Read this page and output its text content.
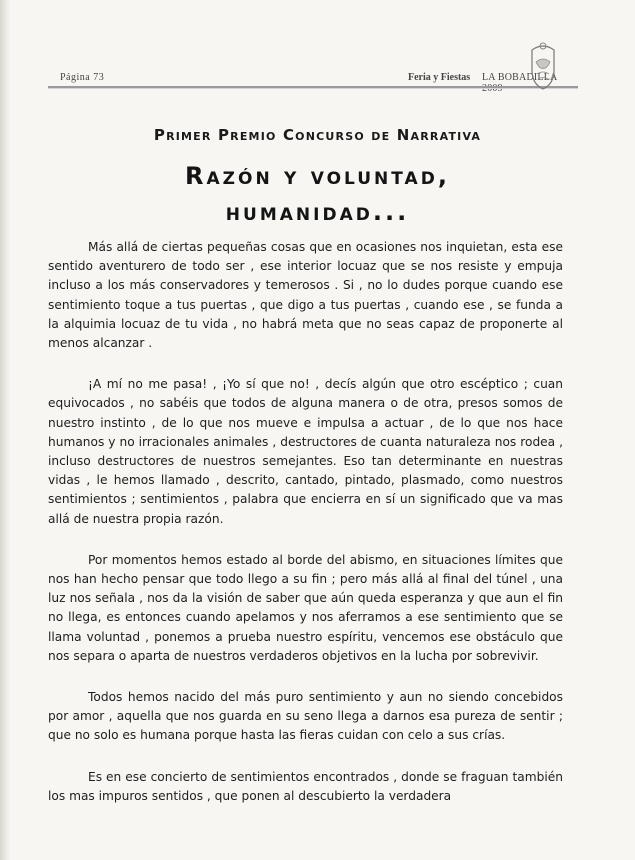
Página 73	Feria y Fiestas LA BOBADILLA
Primer Premio Concurso de Narrativa
Razón y voluntad,
humanidad...

Más allá de ciertas pequeñas cosas que en ocasiones nos inquietan, esta ese sentido aventurero de todo ser , ese interior locuaz que se nos resiste y empuja incluso a los más conservadores y temerosos . Si , no lo dudes porque cuando ese sentimiento toque a tus puertas , que digo a tus puertas , cuando ese , se funda a la alquimia locuaz de tu vida , no habrá meta que no seas capaz de proponerte al menos alcanzar .

¡A mí no me pasa! , ¡Yo sí que no! , decís algún que otro escéptico ; cuan equivocados , no sabéis que todos de alguna manera o de otra, presos somos de nuestro instinto , de lo que nos mueve e impulsa a actuar , de lo que nos hace humanos y no irracionales animales , destructores de cuanta naturaleza nos rodea , incluso destructores de nuestros semejantes. Eso tan determinante en nuestras vidas , le hemos llamado , descrito, cantado, pintado, plasmado, como nuestros sentimientos ; sentimientos , palabra que encierra en sí un significado que va mas allá de nuestra propia razón.

Por momentos hemos estado al borde del abismo, en situaciones límites que nos han hecho pensar que todo llego a su fin ; pero más allá al final del túnel , una luz nos señala , nos da la visión de saber que aún queda esperanza y que aun el fin no llega, es entonces cuando apelamos y nos aferramos a ese sentimiento que se llama voluntad , ponemos a prueba nuestro espíritu, vencemos ese obstáculo que nos separa o aparta de nuestros verdaderos objetivos en la lucha por sobrevivir.

Todos hemos nacido del más puro sentimiento y aun no siendo concebidos por amor , aquella que nos guarda en su seno llega a darnos esa pureza de sentir ; que no solo es humana porque hasta las fieras cuidan con celo a sus crías.

Es en ese concierto de sentimientos encontrados , donde se fraguan también los mas impuros sentidos , que ponen al descubierto la verdadera
